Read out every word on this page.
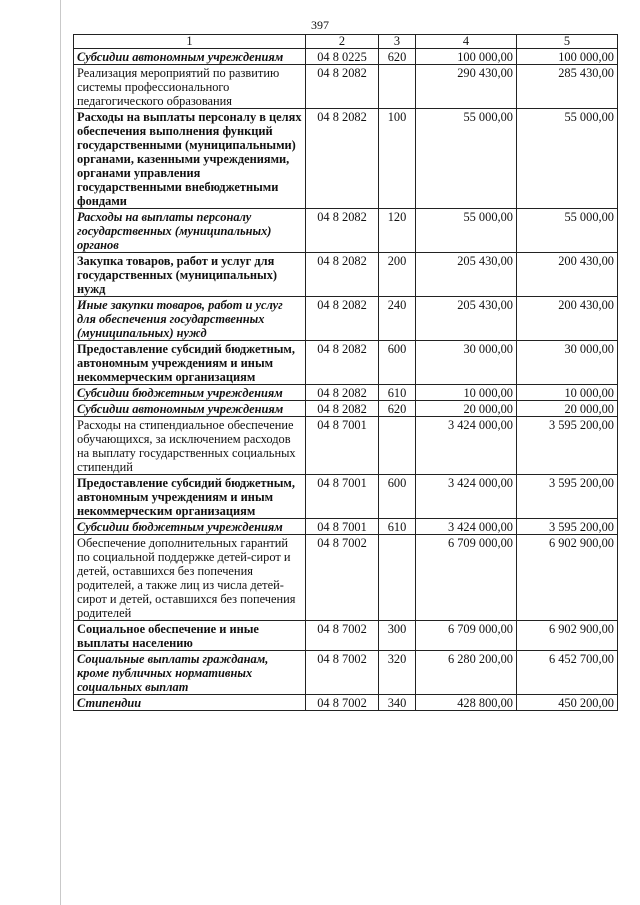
397
1	2	3	4	5
Субсидии автономным учреждениям	04 8 0225	620	100 000,00	100 000,00
Реализация мероприятий по развитию системы профессионального педагогического образования	04 8 2082		290 430,00	285 430,00
Расходы на выплаты персоналу в целях обеспечения выполнения функций государственными (муниципальными) органами, казенными учреждениями, органами управления государственными внебюджетными фондами	04 8 2082	100	55 000,00	55 000,00
Расходы на выплаты персоналу государственных (муниципальных) органов	04 8 2082	120	55 000,00	55 000,00
Закупка товаров, работ и услуг для государственных (муниципальных) нужд	04 8 2082	200	205 430,00	200 430,00
Иные закупки товаров, работ и услуг для обеспечения государственных (муниципальных) нужд	04 8 2082	240	205 430,00	200 430,00
Предоставление субсидий бюджетным, автономным учреждениям и иным некоммерческим организациям	04 8 2082	600	30 000,00	30 000,00
Субсидии бюджетным учреждениям	04 8 2082	610	10 000,00	10 000,00
Субсидии автономным учреждениям	04 8 2082	620	20 000,00	20 000,00
Расходы на стипендиальное обеспечение обучающихся, за исключением расходов на выплату государственных социальных стипендий	04 8 7001		3 424 000,00	3 595 200,00
Предоставление субсидий бюджетным, автономным учреждениям и иным некоммерческим организациям	04 8 7001	600	3 424 000,00	3 595 200,00
Субсидии бюджетным учреждениям	04 8 7001	610	3 424 000,00	3 595 200,00
Обеспечение дополнительных гарантий по социальной поддержке детей-сирот и детей, оставшихся без попечения родителей, а также лиц из числа детей-сирот и детей, оставшихся без попечения родителей	04 8 7002		6 709 000,00	6 902 900,00
Социальное обеспечение и иные выплаты населению	04 8 7002	300	6 709 000,00	6 902 900,00
Социальные выплаты гражданам, кроме публичных нормативных социальных выплат	04 8 7002	320	6 280 200,00	6 452 700,00
Стипендии	04 8 7002	340	428 800,00	450 200,00
